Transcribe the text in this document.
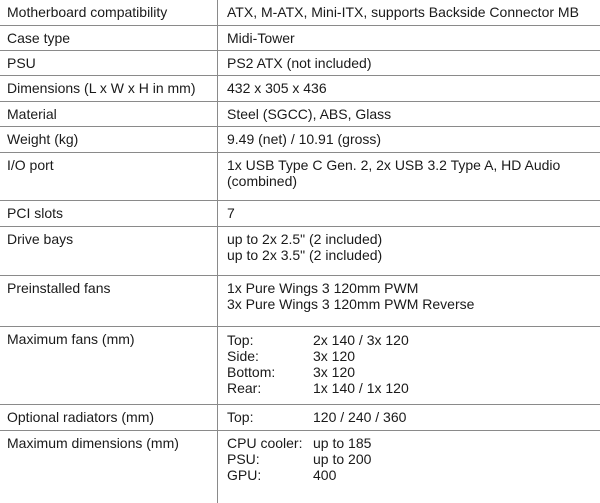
Motherboard compatibility	ATX, M-ATX, Mini-ITX, supports Backside Connector MB
Case type	Midi-Tower
PSU	PS2 ATX (not included)
Dimensions (L x W x H in mm) 432 x 305 x 436
Material	Steel (SGCC), ABS, Glass
Weight (kg)	9.49 (net) / 10.91 (gross)
I/O port	1x USB Type C Gen. 2, 2x USB 3.2 Type A, HD Audio
(combined)
PCI slots	7
Drive bays	up to 2x 2.5" (2 included)
up to 2x 3.5" (2 included)
Preinstalled fans	1x Pure Wings 3 120mm PWM
3x Pure Wings 3 120mm PWM Reverse
Maximum fans (mm)	Top:	2x 140 / 3x 120
Side:	3x 120
Bottom:	3x 120
Rear:	1x 140 / 1x 120
Optional radiators (mm)	Top:	120 / 240 / 360
Maximum dimensions (mm)	CPU cooler: up to 185
PSU:	up to 200
GPU:	400
